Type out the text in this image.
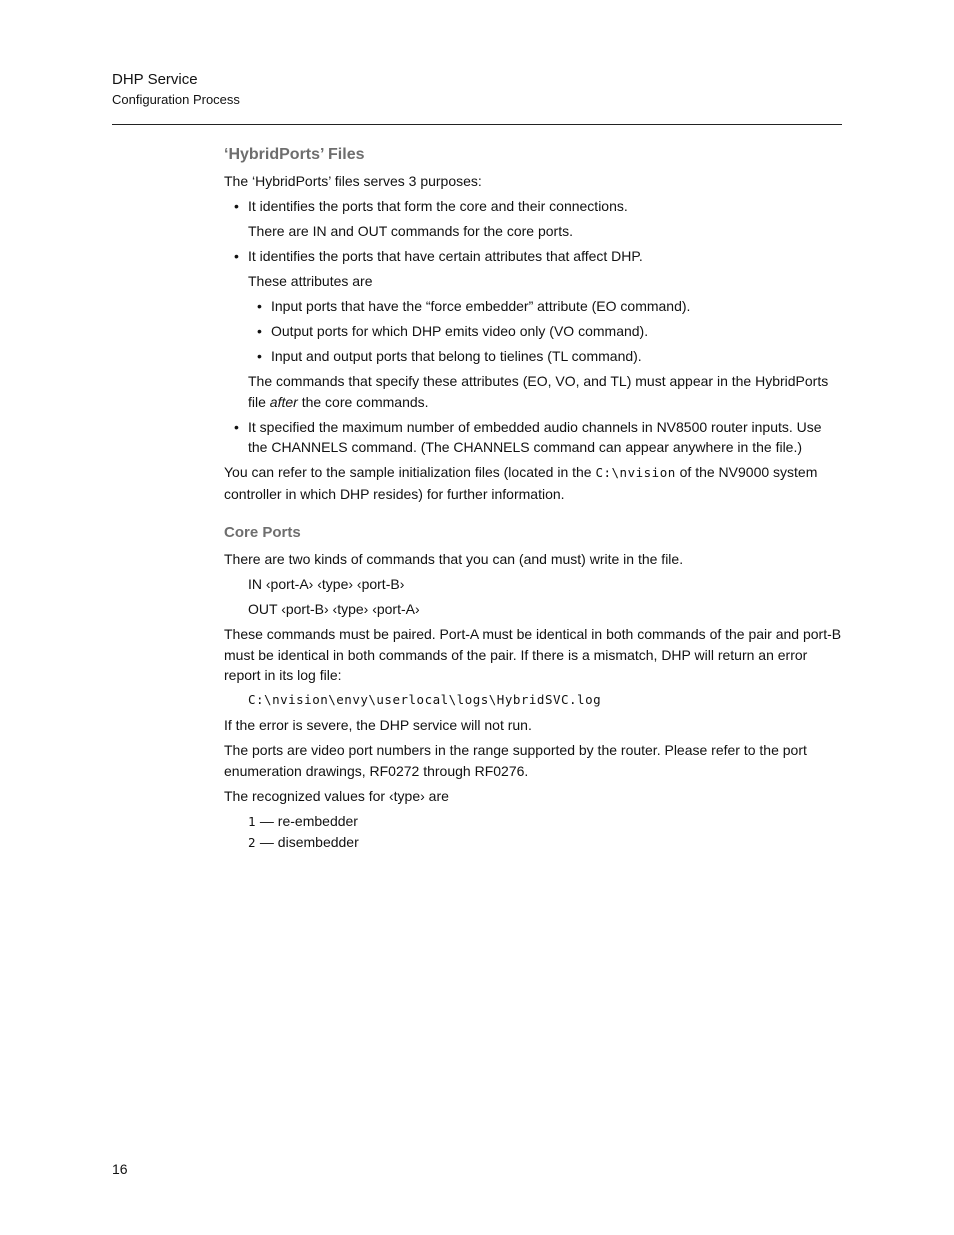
DHP Service
Configuration Process
‘HybridPorts’ Files

The ‘HybridPorts’ files serves 3 purposes:

• It identifies the ports that form the core and their connections.

There are IN and OUT commands for the core ports.

• It identifies the ports that have certain attributes that affect DHP.

These attributes are

• Input ports that have the “force embedder” attribute (EO command).

• Output ports for which DHP emits video only (VO command).

• Input and output ports that belong to tielines (TL command).

The commands that specify these attributes (EO, VO, and TL) must appear in the HybridPorts file after the core commands.

• It specified the maximum number of embedded audio channels in NV8500 router inputs. Use the CHANNELS command. (The CHANNELS command can appear anywhere in the file.)

You can refer to the sample initialization files (located in the C:\nvision of the NV9000 system controller in which DHP resides) for further information.

Core Ports

There are two kinds of commands that you can (and must) write in the file.

IN ‹port-A› ‹type› ‹port-B›

OUT ‹port-B› ‹type› ‹port-A›

These commands must be paired. Port-A must be identical in both commands of the pair and port-B must be identical in both commands of the pair. If there is a mismatch, DHP will return an error report in its log file:

C:\nvision\envy\userlocal\logs\HybridSVC.log

If the error is severe, the DHP service will not run.

The ports are video port numbers in the range supported by the router. Please refer to the port enumeration drawings, RF0272 through RF0276.

The recognized values for ‹type› are

1 — re-embedder

2 — disembedder

16
